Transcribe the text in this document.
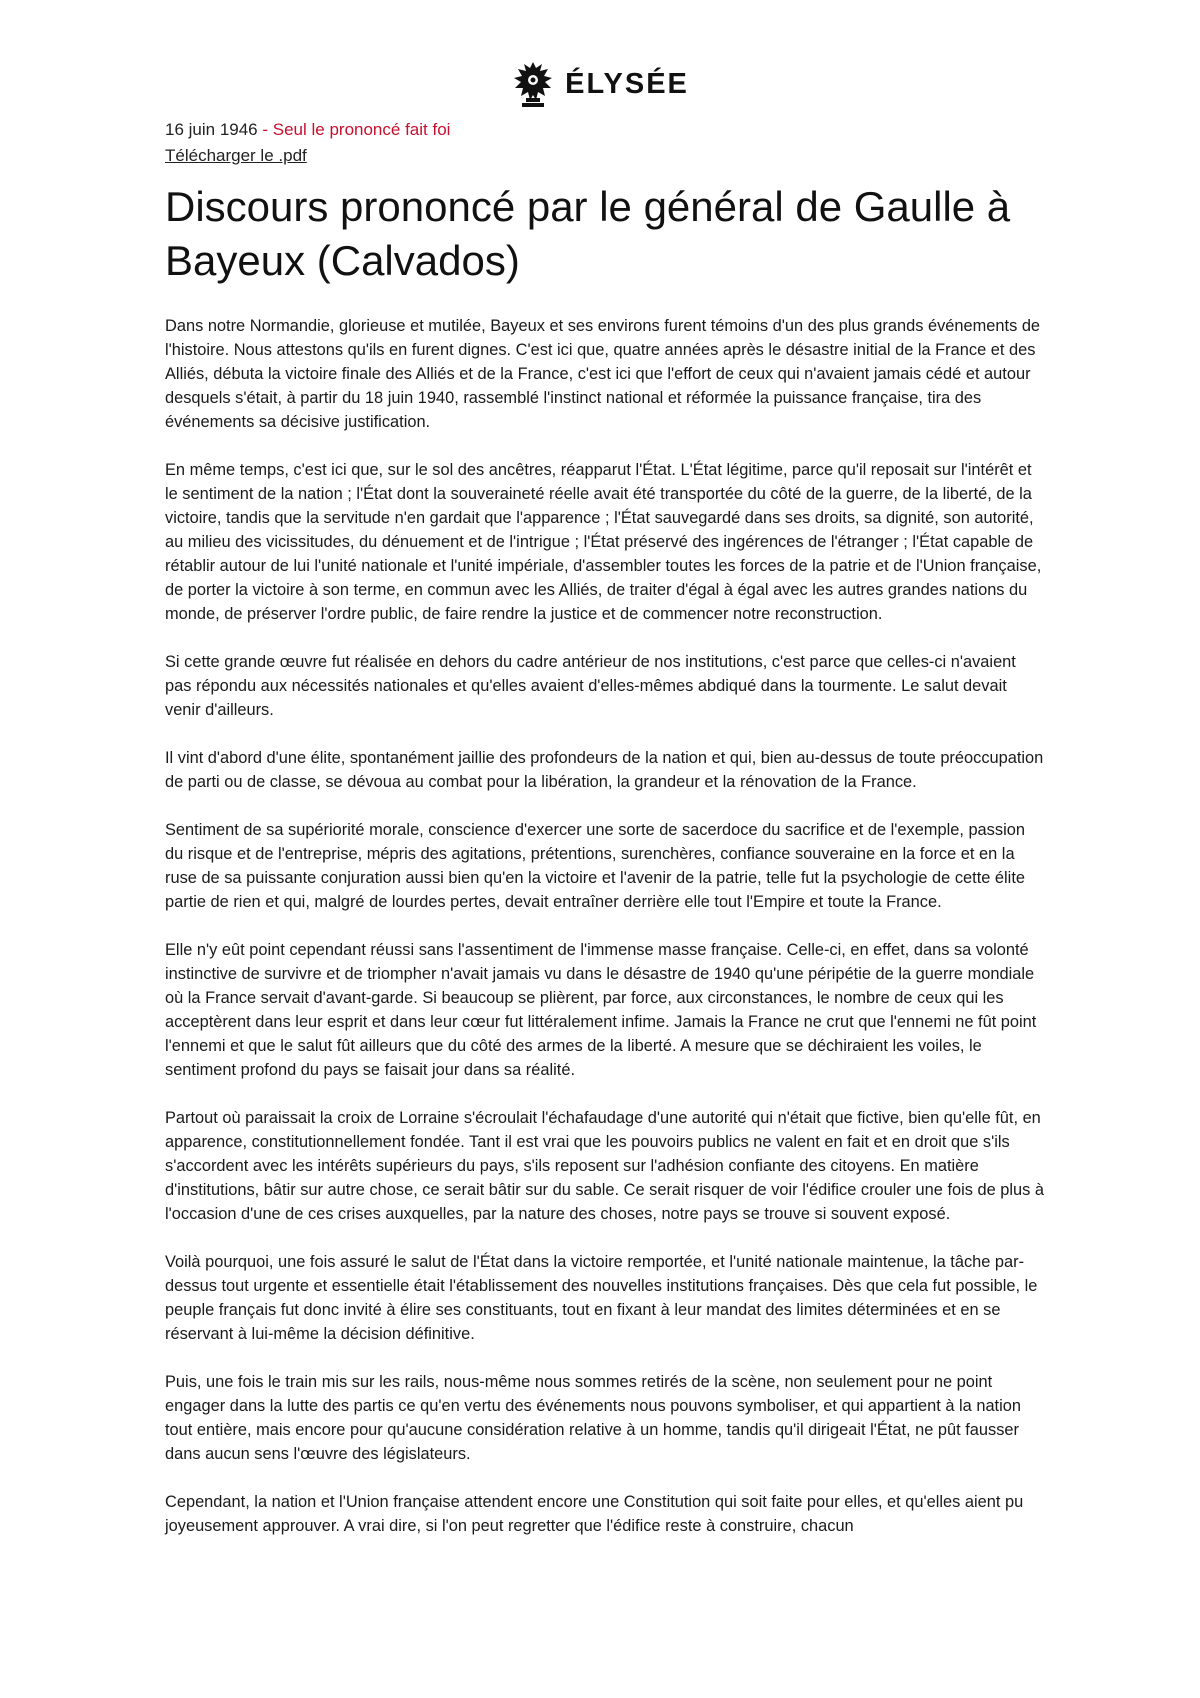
ÉLYSÉE
16 juin 1946 - Seul le prononcé fait foi
Télécharger le .pdf
Discours prononcé par le général de Gaulle à Bayeux (Calvados)

Dans notre Normandie, glorieuse et mutilée, Bayeux et ses environs furent témoins d'un des plus grands événements de l'histoire. Nous attestons qu'ils en furent dignes. C'est ici que, quatre années après le désastre initial de la France et des Alliés, débuta la victoire finale des Alliés et de la France, c'est ici que l'effort de ceux qui n'avaient jamais cédé et autour desquels s'était, à partir du 18 juin 1940, rassemblé l'instinct national et réformée la puissance française, tira des événements sa décisive justification.

En même temps, c'est ici que, sur le sol des ancêtres, réapparut l'État. L'État légitime, parce qu'il reposait sur l'intérêt et le sentiment de la nation ; l'État dont la souveraineté réelle avait été transportée du côté de la guerre, de la liberté, de la victoire, tandis que la servitude n'en gardait que l'apparence ; l'État sauvegardé dans ses droits, sa dignité, son autorité, au milieu des vicissitudes, du dénuement et de l'intrigue ; l'État préservé des ingérences de l'étranger ; l'État capable de rétablir autour de lui l'unité nationale et l'unité impériale, d'assembler toutes les forces de la patrie et de l'Union française, de porter la victoire à son terme, en commun avec les Alliés, de traiter d'égal à égal avec les autres grandes nations du monde, de préserver l'ordre public, de faire rendre la justice et de commencer notre reconstruction.

Si cette grande œuvre fut réalisée en dehors du cadre antérieur de nos institutions, c'est parce que celles-ci n'avaient pas répondu aux nécessités nationales et qu'elles avaient d'elles-mêmes abdiqué dans la tourmente. Le salut devait venir d'ailleurs.

Il vint d'abord d'une élite, spontanément jaillie des profondeurs de la nation et qui, bien au-dessus de toute préoccupation de parti ou de classe, se dévoua au combat pour la libération, la grandeur et la rénovation de la France.

Sentiment de sa supériorité morale, conscience d'exercer une sorte de sacerdoce du sacrifice et de l'exemple, passion du risque et de l'entreprise, mépris des agitations, prétentions, surenchères, confiance souveraine en la force et en la ruse de sa puissante conjuration aussi bien qu'en la victoire et l'avenir de la patrie, telle fut la psychologie de cette élite partie de rien et qui, malgré de lourdes pertes, devait entraîner derrière elle tout l'Empire et toute la France.

Elle n'y eût point cependant réussi sans l'assentiment de l'immense masse française. Celle-ci, en effet, dans sa volonté instinctive de survivre et de triompher n'avait jamais vu dans le désastre de 1940 qu'une péripétie de la guerre mondiale où la France servait d'avant-garde. Si beaucoup se plièrent, par force, aux circonstances, le nombre de ceux qui les acceptèrent dans leur esprit et dans leur cœur fut littéralement infime. Jamais la France ne crut que l'ennemi ne fût point l'ennemi et que le salut fût ailleurs que du côté des armes de la liberté. A mesure que se déchiraient les voiles, le sentiment profond du pays se faisait jour dans sa réalité.

Partout où paraissait la croix de Lorraine s'écroulait l'échafaudage d'une autorité qui n'était que fictive, bien qu'elle fût, en apparence, constitutionnellement fondée. Tant il est vrai que les pouvoirs publics ne valent en fait et en droit que s'ils s'accordent avec les intérêts supérieurs du pays, s'ils reposent sur l'adhésion confiante des citoyens. En matière d'institutions, bâtir sur autre chose, ce serait bâtir sur du sable. Ce serait risquer de voir l'édifice crouler une fois de plus à l'occasion d'une de ces crises auxquelles, par la nature des choses, notre pays se trouve si souvent exposé.

Voilà pourquoi, une fois assuré le salut de l'État dans la victoire remportée, et l'unité nationale maintenue, la tâche par-dessus tout urgente et essentielle était l'établissement des nouvelles institutions françaises. Dès que cela fut possible, le peuple français fut donc invité à élire ses constituants, tout en fixant à leur mandat des limites déterminées et en se réservant à lui-même la décision définitive.

Puis, une fois le train mis sur les rails, nous-même nous sommes retirés de la scène, non seulement pour ne point engager dans la lutte des partis ce qu'en vertu des événements nous pouvons symboliser, et qui appartient à la nation tout entière, mais encore pour qu'aucune considération relative à un homme, tandis qu'il dirigeait l'État, ne pût fausser dans aucun sens l'œuvre des législateurs.

Cependant, la nation et l'Union française attendent encore une Constitution qui soit faite pour elles, et qu'elles aient pu joyeusement approuver. A vrai dire, si l'on peut regretter que l'édifice reste à construire, chacun
